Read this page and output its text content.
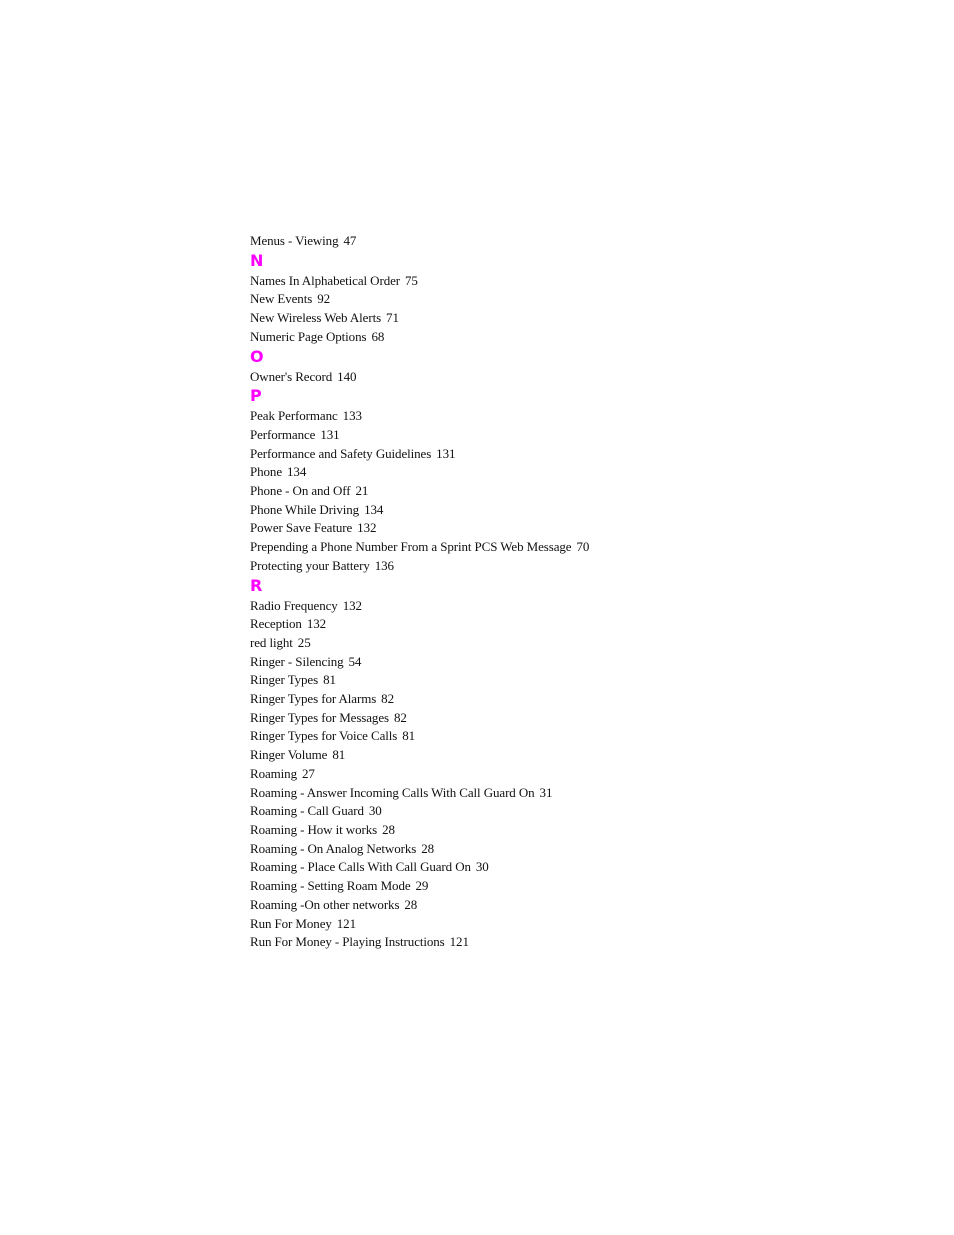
Menus - Viewing 47
N
Names In Alphabetical Order 75
New Events 92
New Wireless Web Alerts 71
Numeric Page Options 68
O
Owner's Record 140
P
Peak Performanc 133
Performance 131
Performance and Safety Guidelines 131
Phone 134
Phone - On and Off 21
Phone While Driving 134
Power Save Feature 132
Prepending a Phone Number From a Sprint PCS Web Message 70
Protecting your Battery 136
R
Radio Frequency 132
Reception 132
red light 25
Ringer - Silencing 54
Ringer Types 81
Ringer Types for Alarms 82
Ringer Types for Messages 82
Ringer Types for Voice Calls 81
Ringer Volume 81
Roaming 27
Roaming - Answer Incoming Calls With Call Guard On 31
Roaming - Call Guard 30
Roaming - How it works 28
Roaming - On Analog Networks 28
Roaming - Place Calls With Call Guard On 30
Roaming - Setting Roam Mode 29
Roaming -On other networks 28
Run For Money 121
Run For Money - Playing Instructions 121
